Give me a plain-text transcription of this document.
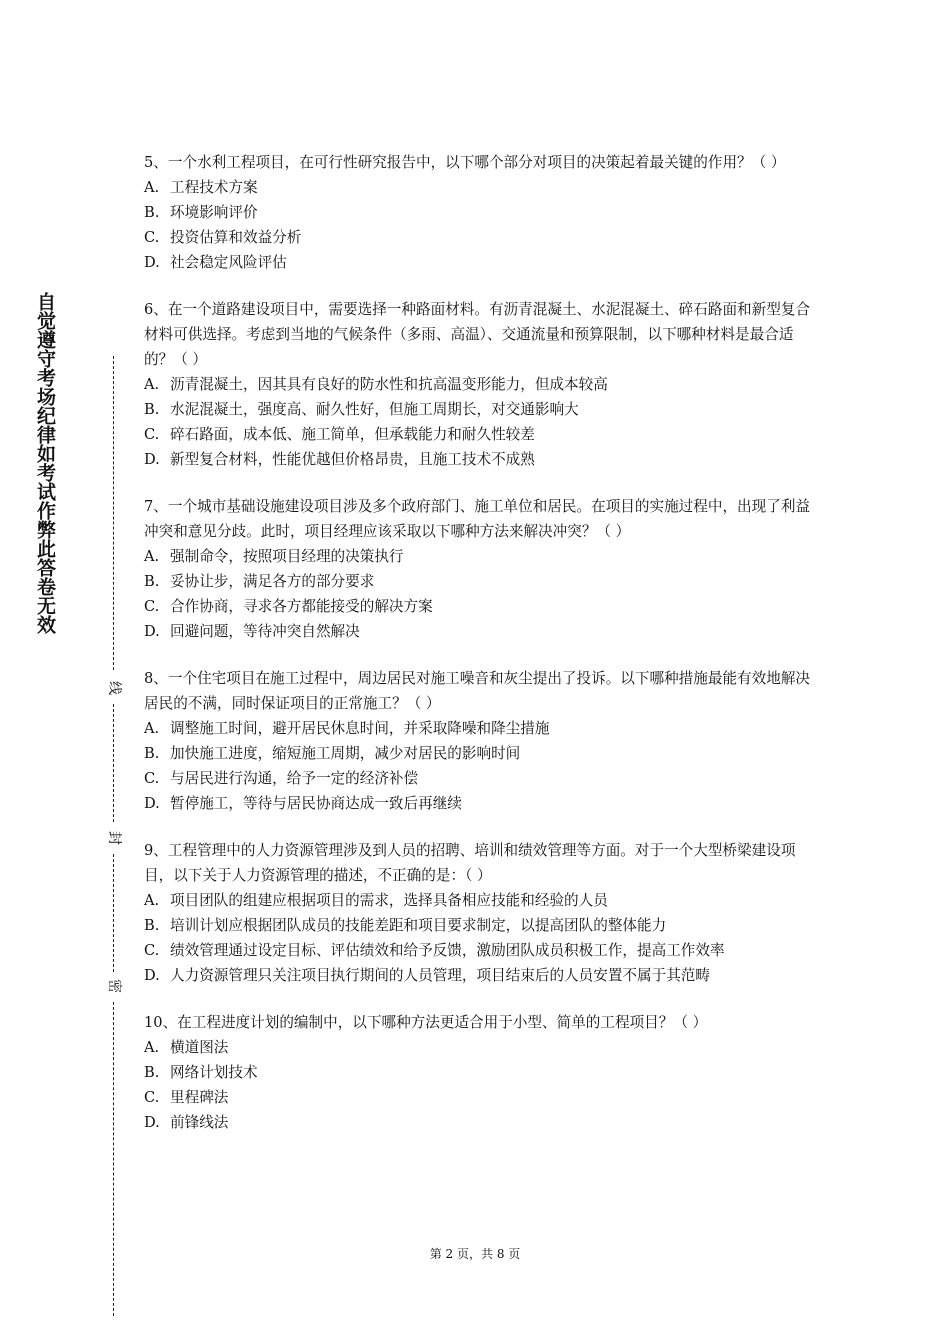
自觉遵守考场纪律如考试作弊此答卷无效
线
封
密

5、一个水利工程项目，在可行性研究报告中，以下哪个部分对项目的决策起着最关键的作用？（ ）

A. 工程技术方案
B. 环境影响评价
C. 投资估算和效益分析
D. 社会稳定风险评估

6、在一个道路建设项目中，需要选择一种路面材料。有沥青混凝土、水泥混凝土、碎石路面和新型复合材料可供选择。考虑到当地的气候条件（多雨、高温）、交通流量和预算限制，以下哪种材料是最合适的？（ ）

A. 沥青混凝土，因其具有良好的防水性和抗高温变形能力，但成本较高
B. 水泥混凝土，强度高、耐久性好，但施工周期长，对交通影响大
C. 碎石路面，成本低、施工简单，但承载能力和耐久性较差
D. 新型复合材料，性能优越但价格昂贵，且施工技术不成熟

7、一个城市基础设施建设项目涉及多个政府部门、施工单位和居民。在项目的实施过程中，出现了利益冲突和意见分歧。此时，项目经理应该采取以下哪种方法来解决冲突？（ ）

A. 强制命令，按照项目经理的决策执行
B. 妥协让步，满足各方的部分要求
C. 合作协商，寻求各方都能接受的解决方案
D. 回避问题，等待冲突自然解决

8、一个住宅项目在施工过程中，周边居民对施工噪音和灰尘提出了投诉。以下哪种措施最能有效地解决居民的不满，同时保证项目的正常施工？（ ）

A. 调整施工时间，避开居民休息时间，并采取降噪和降尘措施
B. 加快施工进度，缩短施工周期，减少对居民的影响时间
C. 与居民进行沟通，给予一定的经济补偿
D. 暂停施工，等待与居民协商达成一致后再继续

9、工程管理中的人力资源管理涉及到人员的招聘、培训和绩效管理等方面。对于一个大型桥梁建设项目，以下关于人力资源管理的描述，不正确的是：（ ）

A. 项目团队的组建应根据项目的需求，选择具备相应技能和经验的人员
B. 培训计划应根据团队成员的技能差距和项目要求制定，以提高团队的整体能力
C. 绩效管理通过设定目标、评估绩效和给予反馈，激励团队成员积极工作，提高工作效率
D. 人力资源管理只关注项目执行期间的人员管理，项目结束后的人员安置不属于其范畴

10、在工程进度计划的编制中，以下哪种方法更适合用于小型、简单的工程项目？（ ）

A. 横道图法
B. 网络计划技术
C. 里程碑法
D. 前锋线法
第 2 页，共 8 页
